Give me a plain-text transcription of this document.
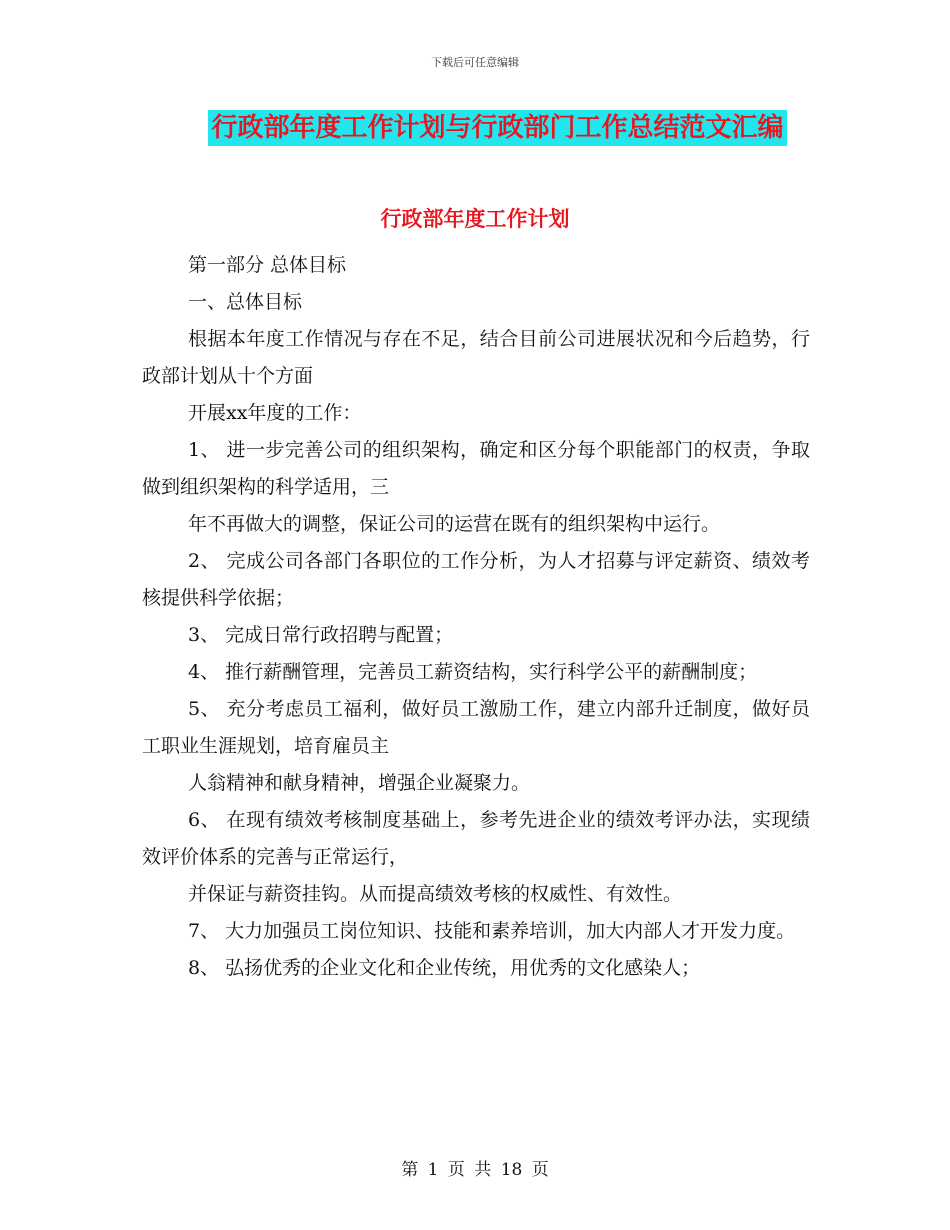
下载后可任意编辑
行政部年度工作计划与行政部门工作总结范文汇编
行政部年度工作计划

第一部分 总体目标

一、总体目标

根据本年度工作情况与存在不足，结合目前公司进展状况和今后趋势，行政部计划从十个方面

开展xx年度的工作：

1、 进一步完善公司的组织架构，确定和区分每个职能部门的权责，争取做到组织架构的科学适用，三

年不再做大的调整，保证公司的运营在既有的组织架构中运行。

2、 完成公司各部门各职位的工作分析，为人才招募与评定薪资、绩效考核提供科学依据；

3、 完成日常行政招聘与配置；

4、 推行薪酬管理，完善员工薪资结构，实行科学公平的薪酬制度；

5、 充分考虑员工福利，做好员工激励工作，建立内部升迁制度，做好员工职业生涯规划，培育雇员主

人翁精神和献身精神，增强企业凝聚力。

6、 在现有绩效考核制度基础上，参考先进企业的绩效考评办法，实现绩效评价体系的完善与正常运行，

并保证与薪资挂钩。从而提高绩效考核的权威性、有效性。

7、 大力加强员工岗位知识、技能和素养培训，加大内部人才开发力度。

8、 弘扬优秀的企业文化和企业传统，用优秀的文化感染人；

第 1 页 共 18 页
